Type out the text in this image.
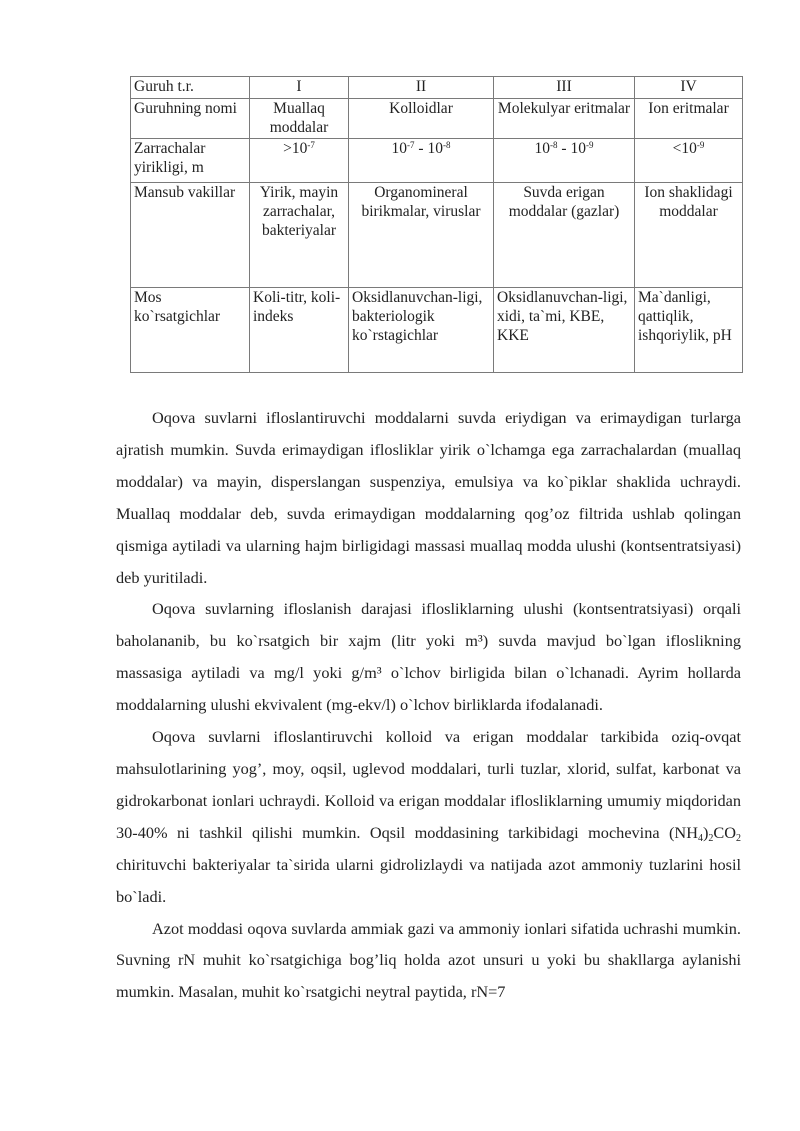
Guruh t.r.	I	II	III	IV
Guruhning nomi	Muallaq moddalar	Kolloidlar	Molekulyar eritmalar	Ion eritmalar
Zarrachalar yirikligi, m	$>10^{-7}$	$10^{-7} - 10^{-8}$	$10^{-8} - 10^{-9}$	$<10^{-9}$
Mansub vakillar	Yirik, mayin zarrachalar, bakteriyalar	Organomineral birikmalar, viruslar	Suvda erigan moddalar (gazlar)	Ion shaklidagi moddalar
Mos ko`rsatgichlar	Koli-titr, koli-indeks	Oksidlanuvchan-ligi, bakteriologik ko`rstagichlar	Oksidlanuvchan-ligi, xidi, ta`mi, KBE, KKE	Ma`danligi, qattiqlik, ishqoriylik, pH

Oqova suvlarni ifloslantiruvchi moddalarni suvda eriydigan va erimaydigan turlarga ajratish mumkin. Suvda erimaydigan iflosliklar yirik o`lchamga ega zarrachalardan (muallaq moddalar) va mayin, disperslangan suspenziya, emulsiya va ko`piklar shaklida uchraydi. Muallaq moddalar deb, suvda erimaydigan moddalarning qog’oz filtrida ushlab qolingan qismiga aytiladi va ularning hajm birligidagi massasi muallaq modda ulushi (kontsentratsiyasi) deb yuritiladi.

Oqova suvlarning ifloslanish darajasi iflosliklarning ulushi (kontsentratsiyasi) orqali baholananib, bu ko`rsatgich bir xajm (litr yoki m³) suvda mavjud bo`lgan ifloslikning massasiga aytiladi va mg/l yoki g/m³ o`lchov birligida bilan o`lchanadi. Ayrim hollarda moddalarning ulushi ekvivalent (mg-ekv/l) o`lchov birliklarda ifodalanadi.

Oqova suvlarni ifloslantiruvchi kolloid va erigan moddalar tarkibida oziq-ovqat mahsulotlarining yog’, moy, oqsil, uglevod moddalari, turli tuzlar, xlorid, sulfat, karbonat va gidrokarbonat ionlari uchraydi. Kolloid va erigan moddalar iflosliklarning umumiy miqdoridan 30-40% ni tashkil qilishi mumkin. Oqsil moddasining tarkibidagi mochevina $(NH_4)_2CO_2$   chirituvchi bakteriyalar ta`sirida ularni gidrolizlaydi va natijada azot ammoniy tuzlarini hosil bo`ladi.

Azot moddasi oqova suvlarda ammiak gazi va ammoniy ionlari sifatida uchrashi mumkin. Suvning rN muhit ko`rsatgichiga bog’liq holda azot unsuri u yoki bu shakllarga aylanishi mumkin. Masalan, muhit ko`rsatgichi neytral paytida, rN=7
